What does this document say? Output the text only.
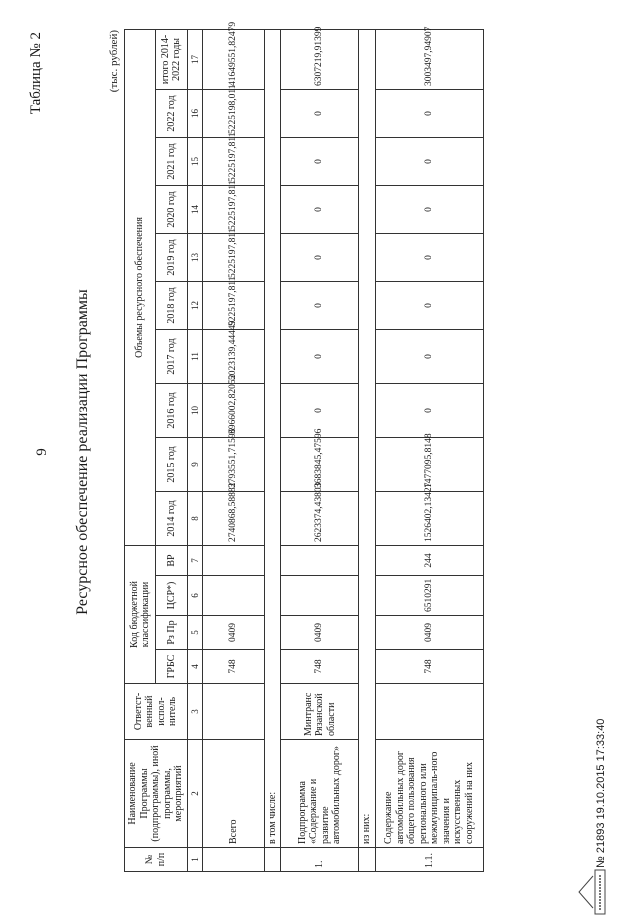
9
Таблица № 2
Ресурсное обеспечение реализации Программы
(тыс. рублей)
№ п/п	Наименование Программы (подпрограммы), иной программы, мероприятий	Ответст-венный испол-нитель	Код бюджетной классификации				Объемы ресурсного обеспечения									
			ГРБС	Рз Пр	ЦСР*)	ВР	2014 год	2015 год	2016 год	2017 год	2018 год	2019 год	2020 год	2021 год	2022 год	итого 2014-2022 годы
1	2	3	4	5	6	7	8	9	10	11	12	13	14	15	16	17
	Всего		748	0409			2740868,58882	3793551,71596	3966002,82052	5023139,44449	5225197,811	5225197,811	5225197,811	5225197,811	5225198,011	41649551,82479
	в том числе:															
1.	Подпрограмма «Содержание и развитие автомобильных дорог»	Минтранс Рязанской области	748	0409			2623374,43803	3683845,47596	0	0	0	0	0	0	0	6307219,91399
	из них:															
1.1.	Содержание автомобильных дорог общего пользования регионального или межмуниципаль-ного значения и искусственных сооружений на них		748	0409	6510291	244	1526402,13427	1477095,8148	0	0	0	0	0	0	0	3003497,94907
№ 21893 19.10.2015 17:33:40
